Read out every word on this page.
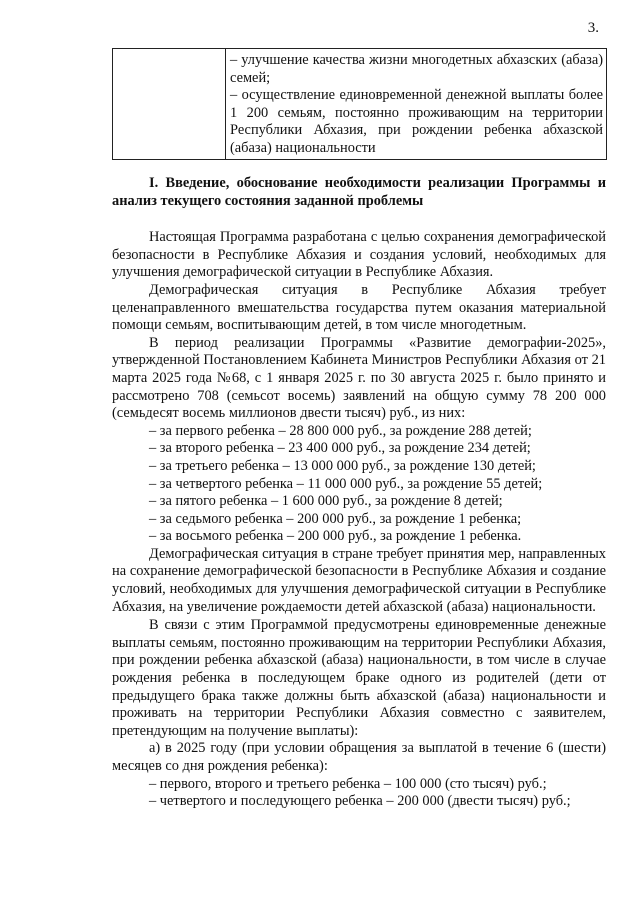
3.

– улучшение качества жизни многодетных абхазских (абаза) семей;

– осуществление единовременной денежной выплаты более 1 200 семьям, постоянно проживающим на территории Республики Абхазия, при рождении ребенка абхазской (абаза) национальности

I. Введение, обоснование необходимости реализации Программы и анализ текущего состояния заданной проблемы

Настоящая Программа разработана с целью сохранения демографической безопасности в Республике Абхазия и создания условий, необходимых для улучшения демографической ситуации в Республике Абхазия.

Демографическая ситуация в Республике Абхазия требует целенаправленного вмешательства государства путем оказания материальной помощи семьям, воспитывающим детей, в том числе многодетным.

В период реализации Программы «Развитие демографии-2025», утвержденной Постановлением Кабинета Министров Республики Абхазия от 21 марта 2025 года №68, с 1 января 2025 г. по 30 августа 2025 г. было принято и рассмотрено 708 (семьсот восемь) заявлений на общую сумму 78 200 000 (семьдесят восемь миллионов двести тысяч) руб., из них:

– за первого ребенка – 28 800 000 руб., за рождение 288 детей;

– за второго ребенка – 23 400 000 руб., за рождение 234 детей;

– за третьего ребенка – 13 000 000 руб., за рождение 130 детей;

– за четвертого ребенка – 11 000 000 руб., за рождение 55 детей;

– за пятого ребенка – 1 600 000 руб., за рождение 8 детей;

– за седьмого ребенка – 200 000 руб., за рождение 1 ребенка;

– за восьмого ребенка – 200 000 руб., за рождение 1 ребенка.

Демографическая ситуация в стране требует принятия мер, направленных на сохранение демографической безопасности в Республике Абхазия и создание условий, необходимых для улучшения демографической ситуации в Республике Абхазия, на увеличение рождаемости детей абхазской (абаза) национальности.

В связи с этим Программой предусмотрены единовременные денежные выплаты семьям, постоянно проживающим на территории Республики Абхазия, при рождении ребенка абхазской (абаза) национальности, в том числе в случае рождения ребенка в последующем браке одного из родителей (дети от предыдущего брака также должны быть абхазской (абаза) национальности и проживать на территории Республики Абхазия совместно с заявителем, претендующим на получение выплаты):

а) в 2025 году (при условии обращения за выплатой в течение 6 (шести) месяцев со дня рождения ребенка):

– первого, второго и третьего ребенка – 100 000 (сто тысяч) руб.;

– четвертого и последующего ребенка – 200 000 (двести тысяч) руб.;
